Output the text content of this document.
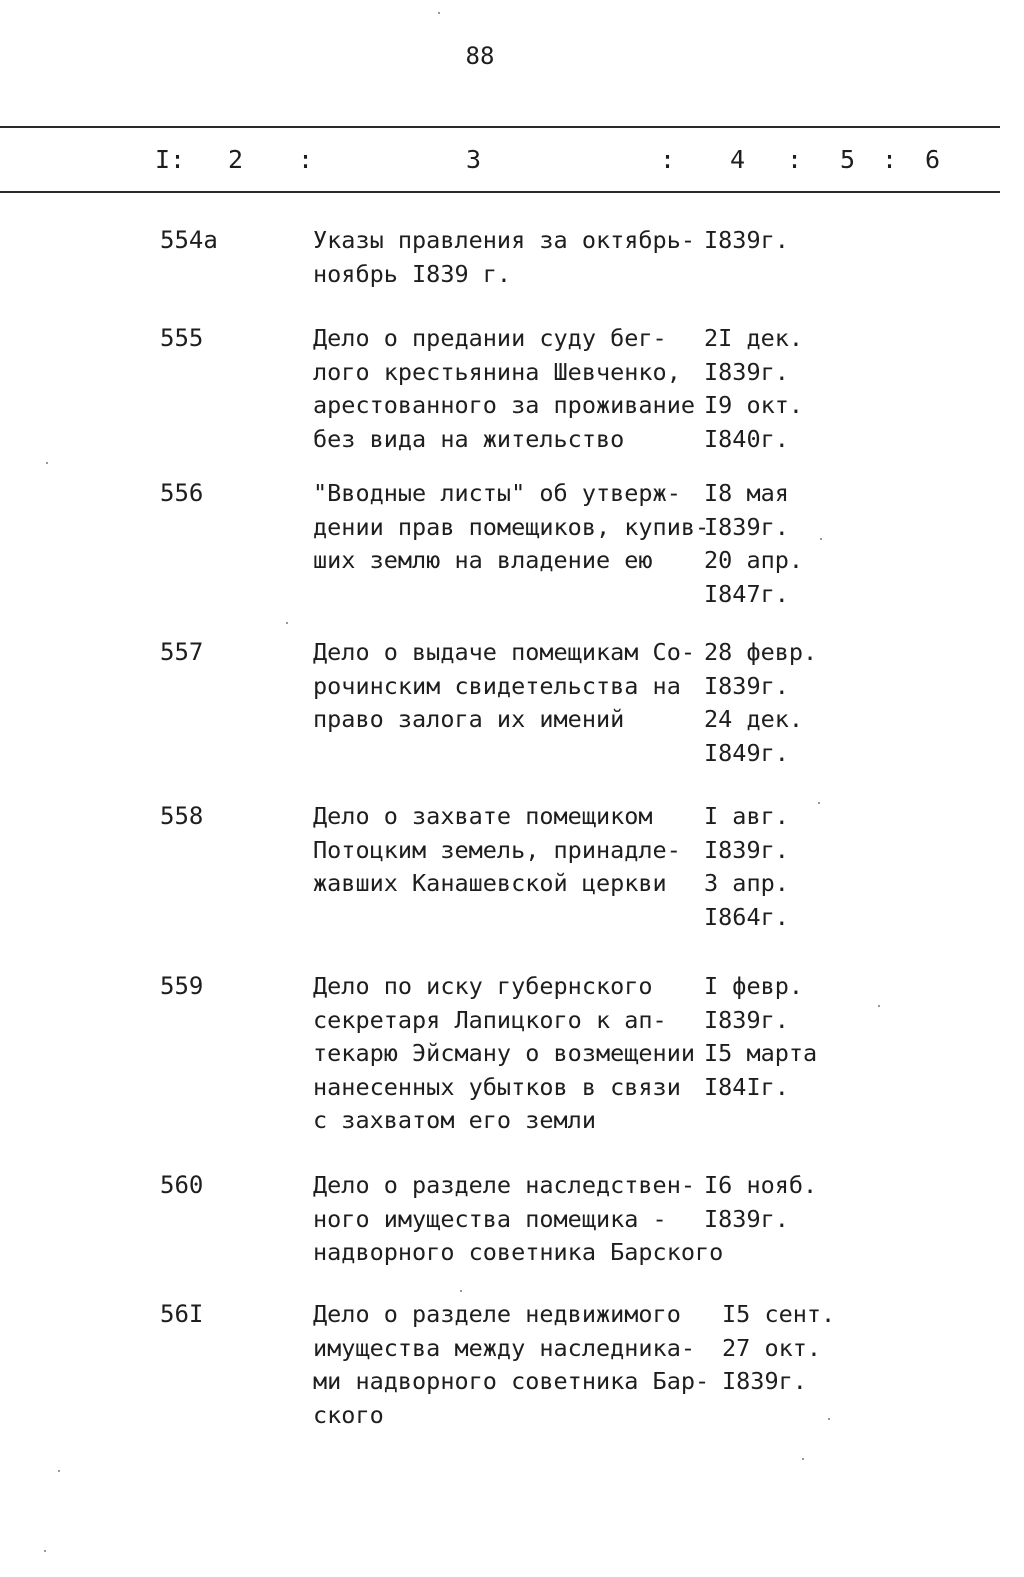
88
I: 2 :	3	: 4 : 5 : 6
554а	Указы правления за октябрь-
ноябрь I839 г.
I839г.
555	Дело о предании суду бег-
лого крестьянина Шевченко,
арестованного за проживание
без вида на жительство
2I дек.
I839г.
I9 окт.
I840г.
556	"Вводные листы" об утверж-
дении прав помещиков, купив-
ших землю на владение ею
I8 мая
I839г.
20 апр.
I847г.
557	Дело о выдаче помещикам Со-
рочинским свидетельства на
право залога их имений
28 февр.
I839г.
24 дек.
I849г.
558	Дело о захвате помещиком
Потоцким земель, принадле-
жавших Канашевской церкви
I авг.
I839г.
3 апр.
I864г.
559	Дело по иску губернского
секретаря Лапицкого к ап-
текарю Эйсману о возмещении
нанесенных убытков в связи
с захватом его земли
I февр.
I839г.
I5 марта
I84Iг.
560	Дело о разделе наследствен-
ного имущества помещика -
надворного советника Барского
I6 нояб.
I839г.
56I	Дело о разделе недвижимого
имущества между наследника-
ми надворного советника Бар-
ского
I5 сент.
27 окт.
I839г.
